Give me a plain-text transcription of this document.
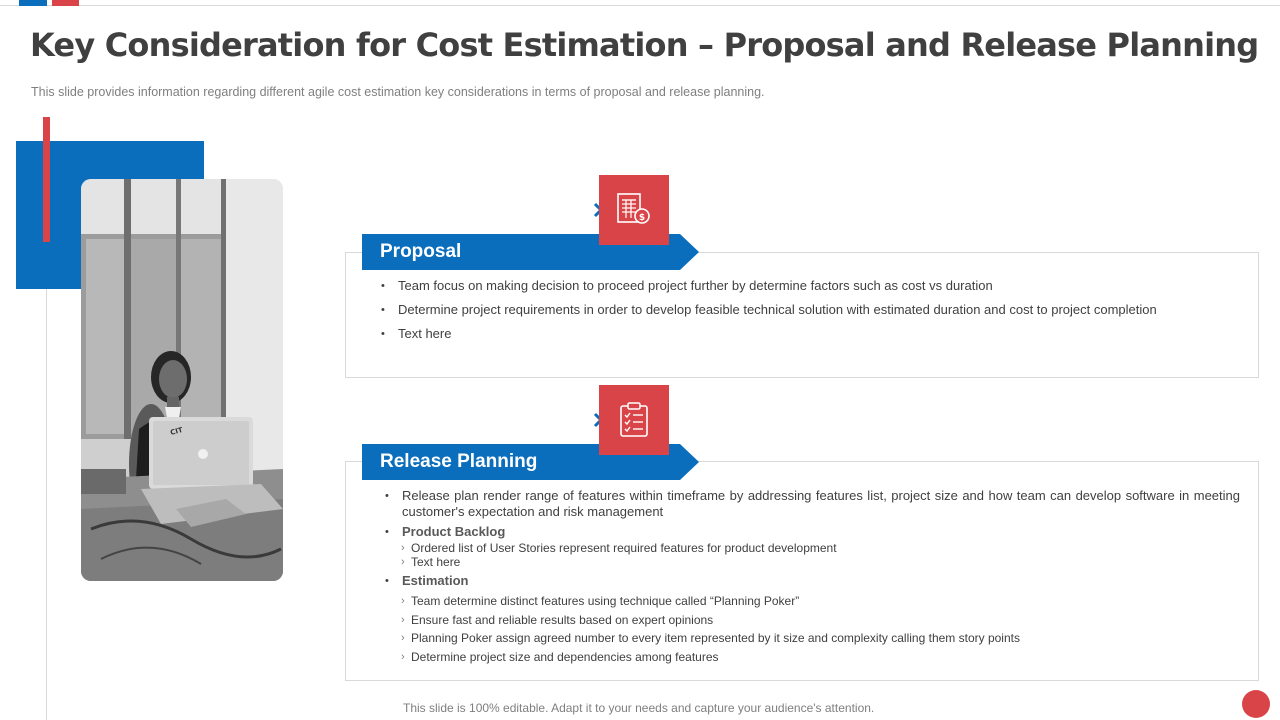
Key Consideration for Cost Estimation – Proposal and Release Planning

This slide provides information regarding different agile cost estimation key considerations in terms of proposal and release planning.

CIT
Proposal
$
• Team focus on making decision to proceed project further by determine factors such as cost vs duration
• Determine project requirements in order to develop feasible technical solution with estimated duration and cost to project completion
• Text here
Release Planning
• Release plan render range of features within timeframe by addressing features list, project size and how team can develop software in meeting customer's expectation and risk management
• Product Backlog
› Ordered list of User Stories represent required features for product development
› Text here
• Estimation
› Team determine distinct features using technique called “Planning Poker”
› Ensure fast and reliable results based on expert opinions
› Planning Poker assign agreed number to every item represented by it size and complexity calling them story points
› Determine project size and dependencies among features

This slide is 100% editable. Adapt it to your needs and capture your audience's attention.
